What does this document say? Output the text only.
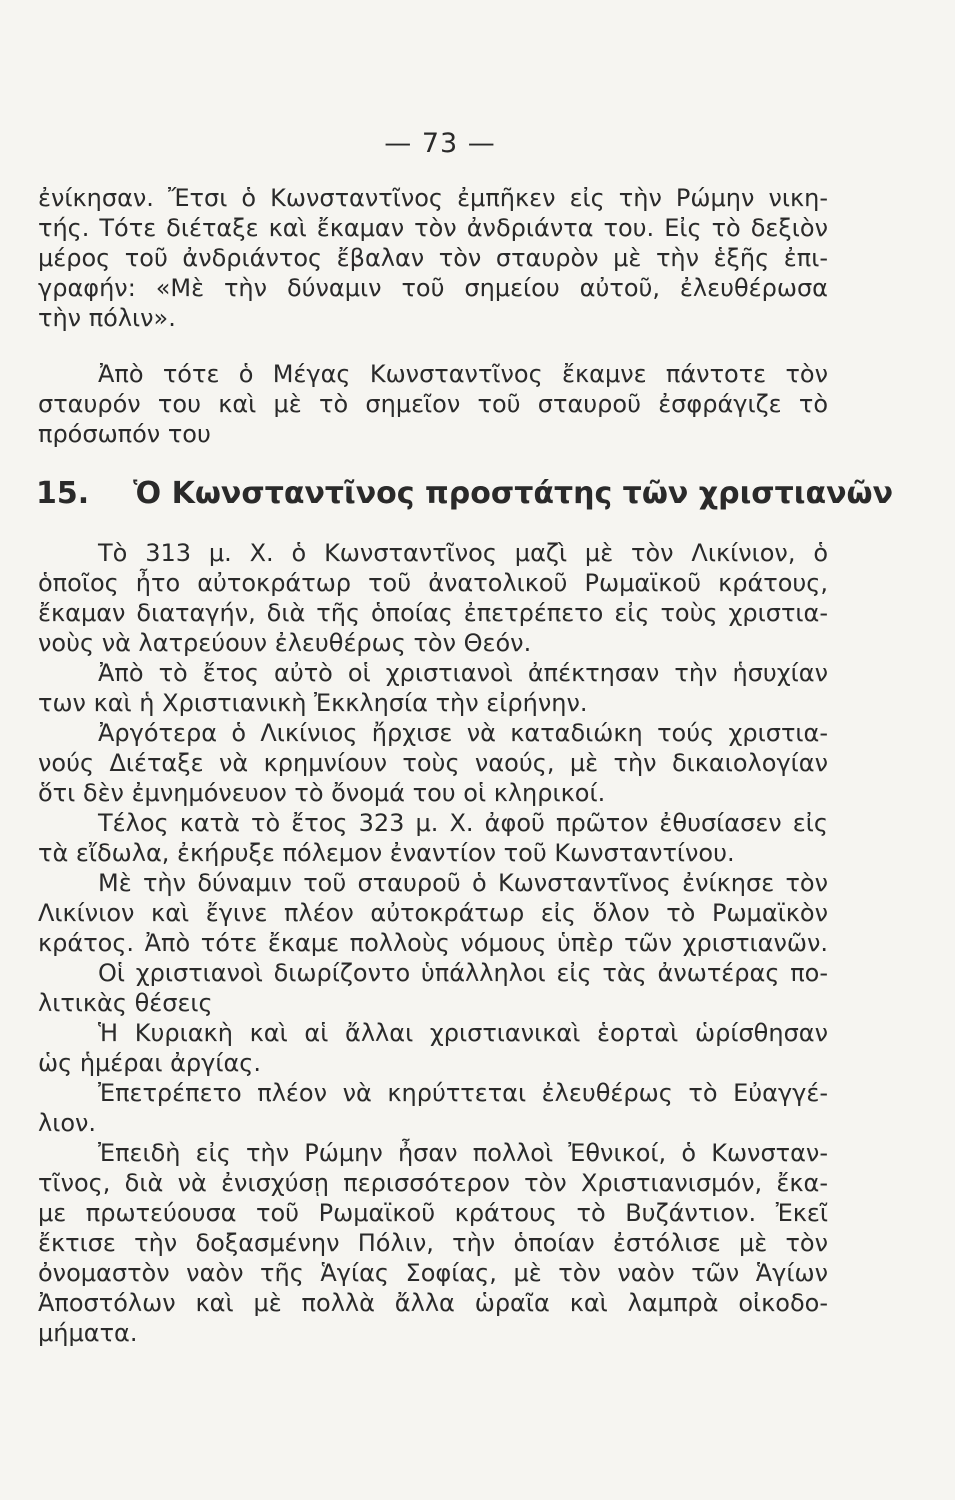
— 73 —
ἐνίκησαν. Ἔτσι ὁ Κωνσταντῖνος ἐμπῆκεν εἰς τὴν Ρώμην νικη-
τής. Τότε διέταξε καὶ ἔκαμαν τὸν ἀνδριάντα του. Εἰς τὸ δεξιὸν
μέρος τοῦ ἀνδριάντος ἔβαλαν τὸν σταυρὸν μὲ τὴν ἑξῆς ἐπι-
γραφήν: «Μὲ τὴν δύναμιν τοῦ σημείου αὐτοῦ, ἐλευθέρωσα
τὴν πόλιν».
Ἀπὸ τότε ὁ Μέγας Κωνσταντῖνος ἔκαμνε πάντοτε τὸν
σταυρόν του καὶ μὲ τὸ σημεῖον τοῦ σταυροῦ ἐσφράγιζε τὸ
πρόσωπόν του
15. Ὁ Κωνσταντῖνος προστάτης τῶν χριστιανῶν
Τὸ 313 μ. Χ. ὁ Κωνσταντῖνος μαζὶ μὲ τὸν Λικίνιον, ὁ
ὁποῖος ἦτο αὐτοκράτωρ τοῦ ἀνατολικοῦ Ρωμαϊκοῦ κράτους,
ἔκαμαν διαταγήν, διὰ τῆς ὁποίας ἐπετρέπετο εἰς τοὺς χριστια-
νοὺς νὰ λατρεύουν ἐλευθέρως τὸν Θεόν.
Ἀπὸ τὸ ἔτος αὐτὸ οἱ χριστιανοὶ ἀπέκτησαν τὴν ἡσυχίαν
των καὶ ἡ Χριστιανικὴ Ἐκκλησία τὴν εἰρήνην.
Ἀργότερα ὁ Λικίνιος ἤρχισε νὰ καταδιώκη τούς χριστια-
νούς Διέταξε νὰ κρημνίουν τοὺς ναούς, μὲ τὴν δικαιολογίαν
ὅτι δὲν ἐμνημόνευον τὸ ὄνομά του οἱ κληρικοί.
Τέλος κατὰ τὸ ἔτος 323 μ. Χ. ἀφοῦ πρῶτον ἐθυσίασεν εἰς
τὰ εἴδωλα, ἐκήρυξε πόλεμον ἐναντίον τοῦ Κωνσταντίνου.
Μὲ τὴν δύναμιν τοῦ σταυροῦ ὁ Κωνσταντῖνος ἐνίκησε τὸν
Λικίνιον καὶ ἔγινε πλέον αὐτοκράτωρ εἰς ὅλον τὸ Ρωμαϊκὸν
κράτος. Ἀπὸ τότε ἔκαμε πολλοὺς νόμους ὑπὲρ τῶν χριστιανῶν.
Οἱ χριστιανοὶ διωρίζοντο ὑπάλληλοι εἰς τὰς ἀνωτέρας πο-
λιτικὰς θέσεις
Ἡ Κυριακὴ καὶ αἱ ἄλλαι χριστιανικαὶ ἑορταὶ ὡρίσθησαν
ὡς ἡμέραι ἀργίας.
Ἐπετρέπετο πλέον νὰ κηρύττεται ἐλευθέρως τὸ Εὐαγγέ-
λιον.
Ἐπειδὴ εἰς τὴν Ρώμην ἦσαν πολλοὶ Ἐθνικοί, ὁ Κωνσταν-
τῖνος, διὰ νὰ ἐνισχύσῃ περισσότερον τὸν Χριστιανισμόν, ἔκα-
με πρωτεύουσα τοῦ Ρωμαϊκοῦ κράτους τὸ Βυζάντιον. Ἐκεῖ
ἔκτισε τὴν δοξασμένην Πόλιν, τὴν ὁποίαν ἐστόλισε μὲ τὸν
ὀνομαστὸν ναὸν τῆς Ἁγίας Σοφίας, μὲ τὸν ναὸν τῶν Ἁγίων
Ἀποστόλων καὶ μὲ πολλὰ ἄλλα ὡραῖα καὶ λαμπρὰ οἰκοδο-
μήματα.
